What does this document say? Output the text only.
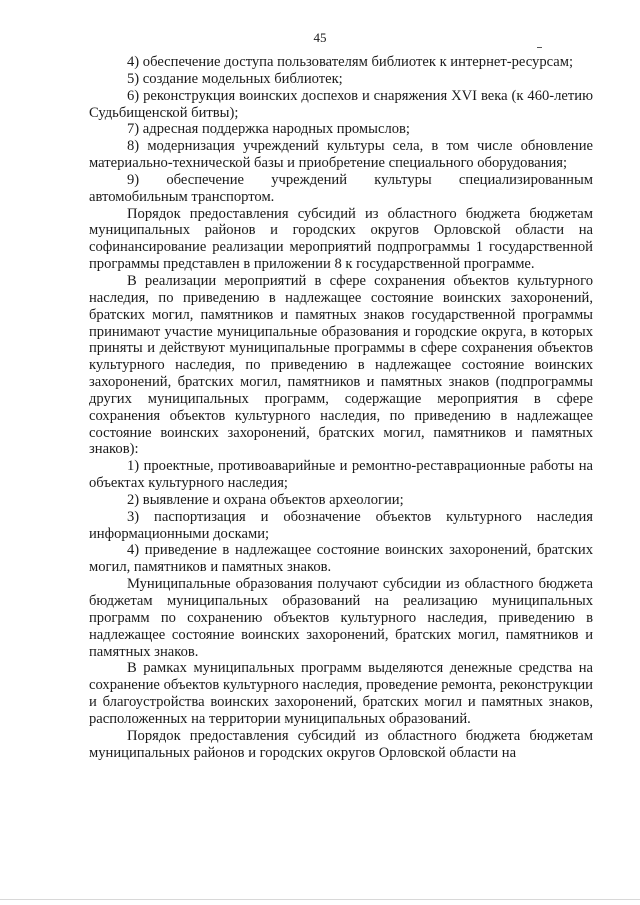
45

4) обеспечение доступа пользователям библиотек к интернет-ресурсам;

5) создание модельных библиотек;

6) реконструкция воинских доспехов и снаряжения XVI века (к 460-летию Судьбищенской битвы);

7) адресная поддержка народных промыслов;

8) модернизация учреждений культуры села, в том числе обновление материально-технической базы и приобретение специального оборудования;

9) обеспечение учреждений культуры специализированным автомобильным транспортом.

Порядок предоставления субсидий из областного бюджета бюджетам муниципальных районов и городских округов Орловской области на софинансирование реализации мероприятий подпрограммы 1 государственной программы представлен в приложении 8 к государственной программе.

В реализации мероприятий в сфере сохранения объектов культурного наследия, по приведению в надлежащее состояние воинских захоронений, братских могил, памятников и памятных знаков государственной программы принимают участие муниципальные образования и городские округа, в которых приняты и действуют муниципальные программы в сфере сохранения объектов культурного наследия, по приведению в надлежащее состояние воинских захоронений, братских могил, памятников и памятных знаков (подпрограммы других муниципальных программ, содержащие мероприятия в сфере сохранения объектов культурного наследия, по приведению в надлежащее состояние воинских захоронений, братских могил, памятников и памятных знаков):

1) проектные, противоаварийные и ремонтно-реставрационные работы на объектах культурного наследия;

2) выявление и охрана объектов археологии;

3) паспортизация и обозначение объектов культурного наследия информационными досками;

4) приведение в надлежащее состояние воинских захоронений, братских могил, памятников и памятных знаков.

Муниципальные образования получают субсидии из областного бюджета бюджетам муниципальных образований на реализацию муниципальных программ по сохранению объектов культурного наследия, приведению в надлежащее состояние воинских захоронений, братских могил, памятников и памятных знаков.

В рамках муниципальных программ выделяются денежные средства на сохранение объектов культурного наследия, проведение ремонта, реконструкции и благоустройства воинских захоронений, братских могил и памятных знаков, расположенных на территории муниципальных образований.

Порядок предоставления субсидий из областного бюджета бюджетам муниципальных районов и городских округов Орловской области на
